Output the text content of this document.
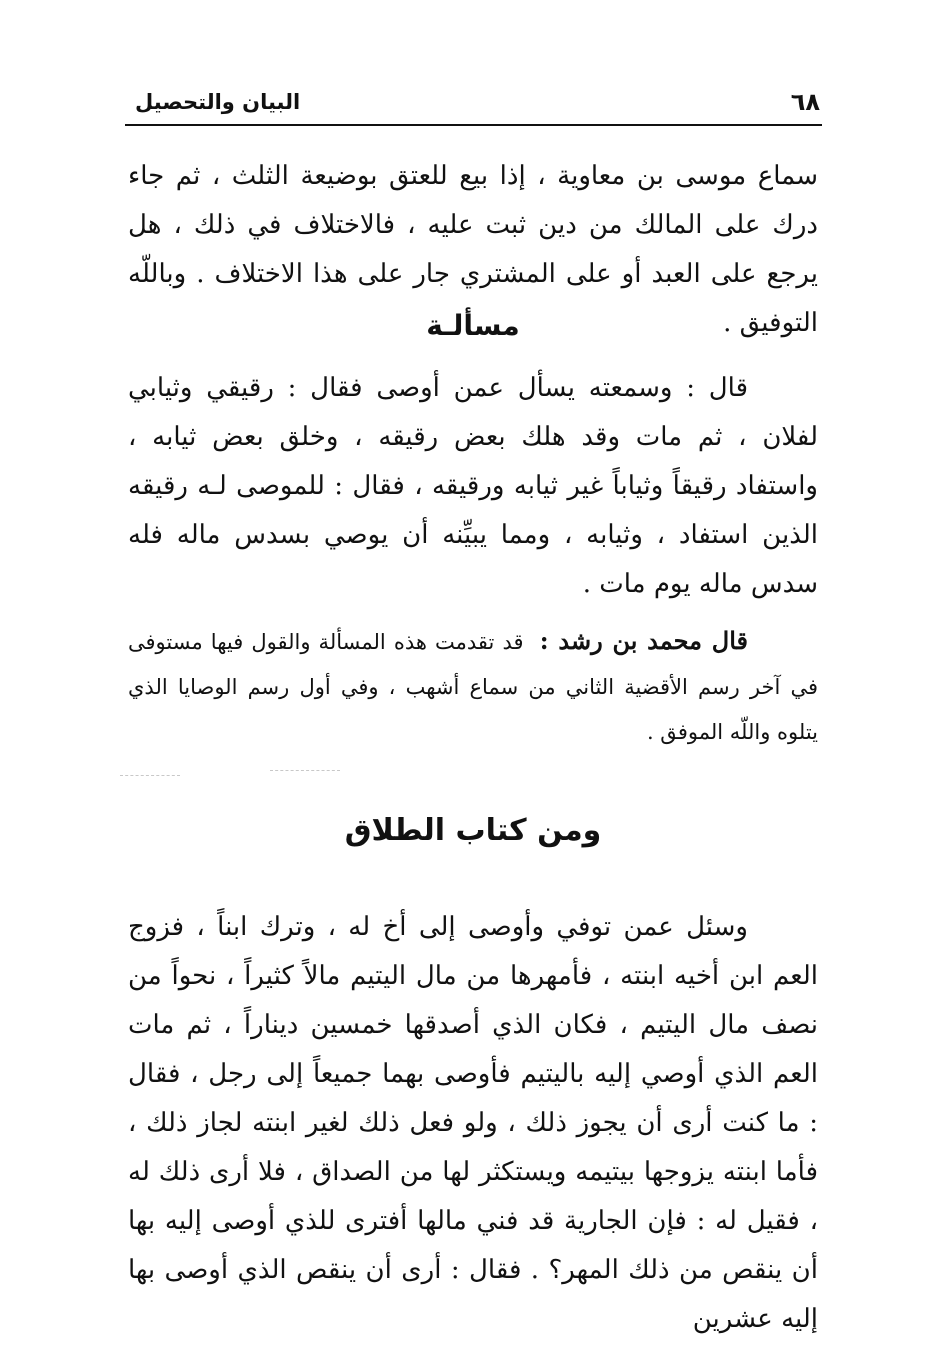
٦٨
البيان والتحصيل

سماع موسى بن معاوية ، إذا بيع للعتق بوضيعة الثلث ، ثم جاء درك على المالك من دين ثبت عليه ، فالاختلاف في ذلك ، هل يرجع على العبد أو على المشتري جار على هذا الاختلاف . وباللّه التوفيق .

مسألـة

قال : وسمعته يسأل عمن أوصى فقال : رقيقي وثيابي لفلان ، ثم مات وقد هلك بعض رقيقه ، وخلق بعض ثيابه ، واستفاد رقيقاً وثياباً غير ثيابه ورقيقه ، فقال : للموصى لـه رقيقه الذين استفاد ، وثيابه ، ومما يبيِّنه أن يوصي بسدس ماله فله سدس ماله يوم مات .

قال محمد بن رشد :  قد تقدمت هذه المسألة والقول فيها مستوفى في آخر رسم الأقضية الثاني من سماع أشهب ، وفي أول رسم الوصايا الذي يتلوه واللّه الموفق .

ومن كتاب الطلاق

وسئل عمن توفي وأوصى إلى أخ له ، وترك ابناً ، فزوج العم ابن أخيه ابنته ، فأمهرها من مال اليتيم مالاً كثيراً ، نحواً من نصف مال اليتيم ، فكان الذي أصدقها خمسين ديناراً ، ثم مات العم الذي أوصي إليه باليتيم فأوصى بهما جميعاً إلى رجل ، فقال : ما كنت أرى أن يجوز ذلك ، ولو فعل ذلك لغير ابنته لجاز ذلك ، فأما ابنته يزوجها بيتيمه ويستكثر لها من الصداق ، فلا أرى ذلك له ، فقيل له : فإن الجارية قد فني مالها أفترى للذي أوصى إليه بها أن ينقص من ذلك المهر؟ . فقال : أرى أن ينقص الذي أوصى بها إليه عشرين
